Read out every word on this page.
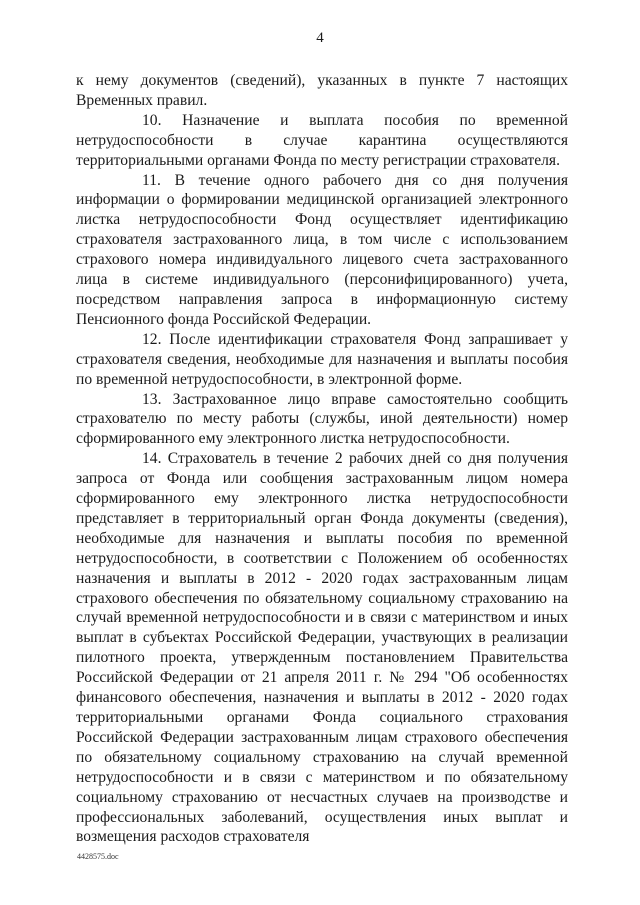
4

к нему документов (сведений), указанных в пункте 7 настоящих Временных правил.

10. Назначение и выплата пособия по временной нетрудоспособности в случае карантина осуществляются территориальными органами Фонда по месту регистрации страхователя.

11. В течение одного рабочего дня со дня получения информации о формировании медицинской организацией электронного листка нетрудоспособности Фонд осуществляет идентификацию страхователя застрахованного лица, в том числе с использованием страхового номера индивидуального лицевого счета застрахованного лица в системе индивидуального (персонифицированного) учета, посредством направления запроса в информационную систему Пенсионного фонда Российской Федерации.

12. После идентификации страхователя Фонд запрашивает у страхователя сведения, необходимые для назначения и выплаты пособия по временной нетрудоспособности, в электронной форме.

13. Застрахованное лицо вправе самостоятельно сообщить страхователю по месту работы (службы, иной деятельности) номер сформированного ему электронного листка нетрудоспособности.

14. Страхователь в течение 2 рабочих дней со дня получения запроса от Фонда или сообщения застрахованным лицом номера сформированного ему электронного листка нетрудоспособности представляет в территориальный орган Фонда документы (сведения), необходимые для назначения и выплаты пособия по временной нетрудоспособности, в соответствии с Положением об особенностях назначения и выплаты в 2012 - 2020 годах застрахованным лицам страхового обеспечения по обязательному социальному страхованию на случай временной нетрудоспособности и в связи с материнством и иных выплат в субъектах Российской Федерации, участвующих в реализации пилотного проекта, утвержденным постановлением Правительства Российской Федерации от 21 апреля 2011 г. № 294 "Об особенностях финансового обеспечения, назначения и выплаты в 2012 - 2020 годах территориальными органами Фонда социального страхования Российской Федерации застрахованным лицам страхового обеспечения по обязательному социальному страхованию на случай временной нетрудоспособности и в связи с материнством и по обязательному социальному страхованию от несчастных случаев на производстве и профессиональных заболеваний, осуществления иных выплат и возмещения расходов страхователя

4428575.doc
